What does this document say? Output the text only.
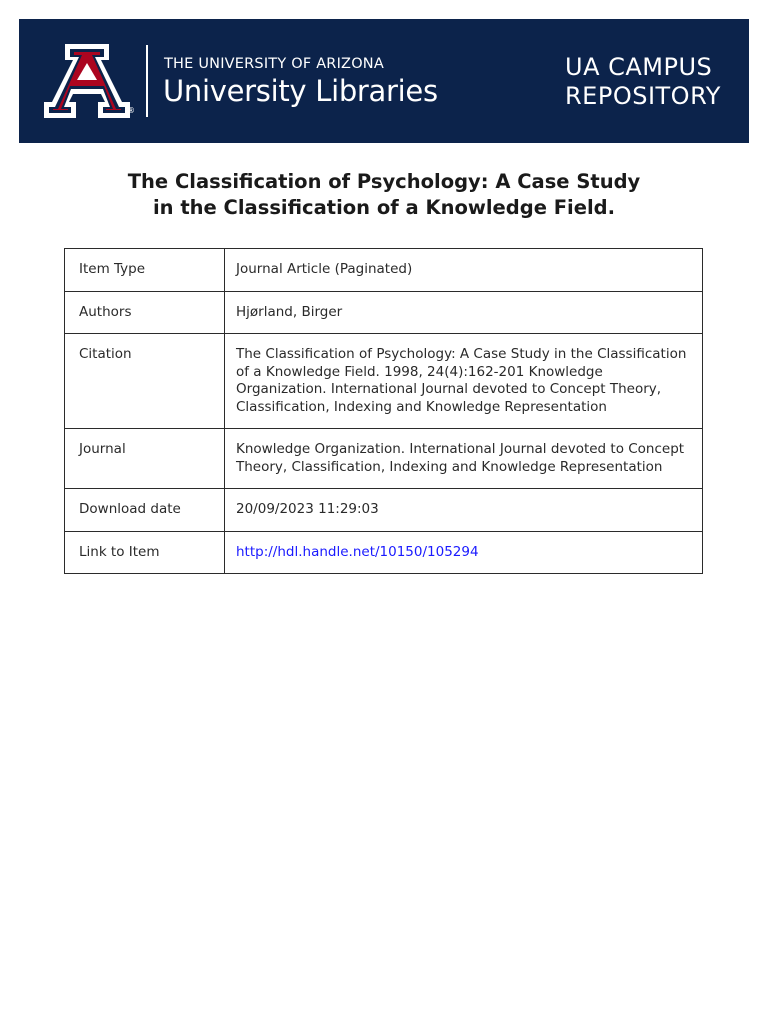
®
THE UNIVERSITY OF ARIZONA
University Libraries
UA CAMPUS
REPOSITORY
The Classification of Psychology: A Case Study
in the Classification of a Knowledge Field.
Item Type	Journal Article (Paginated)
Authors	Hjørland, Birger
Citation	The Classification of Psychology: A Case Study in the Classification of a Knowledge Field. 1998, 24(4):162-201 Knowledge Organization. International Journal devoted to Concept Theory, Classification, Indexing and Knowledge Representation
Journal	Knowledge Organization. International Journal devoted to Concept Theory, Classification, Indexing and Knowledge Representation
Download date	20/09/2023 11:29:03
Link to Item	http://hdl.handle.net/10150/105294
